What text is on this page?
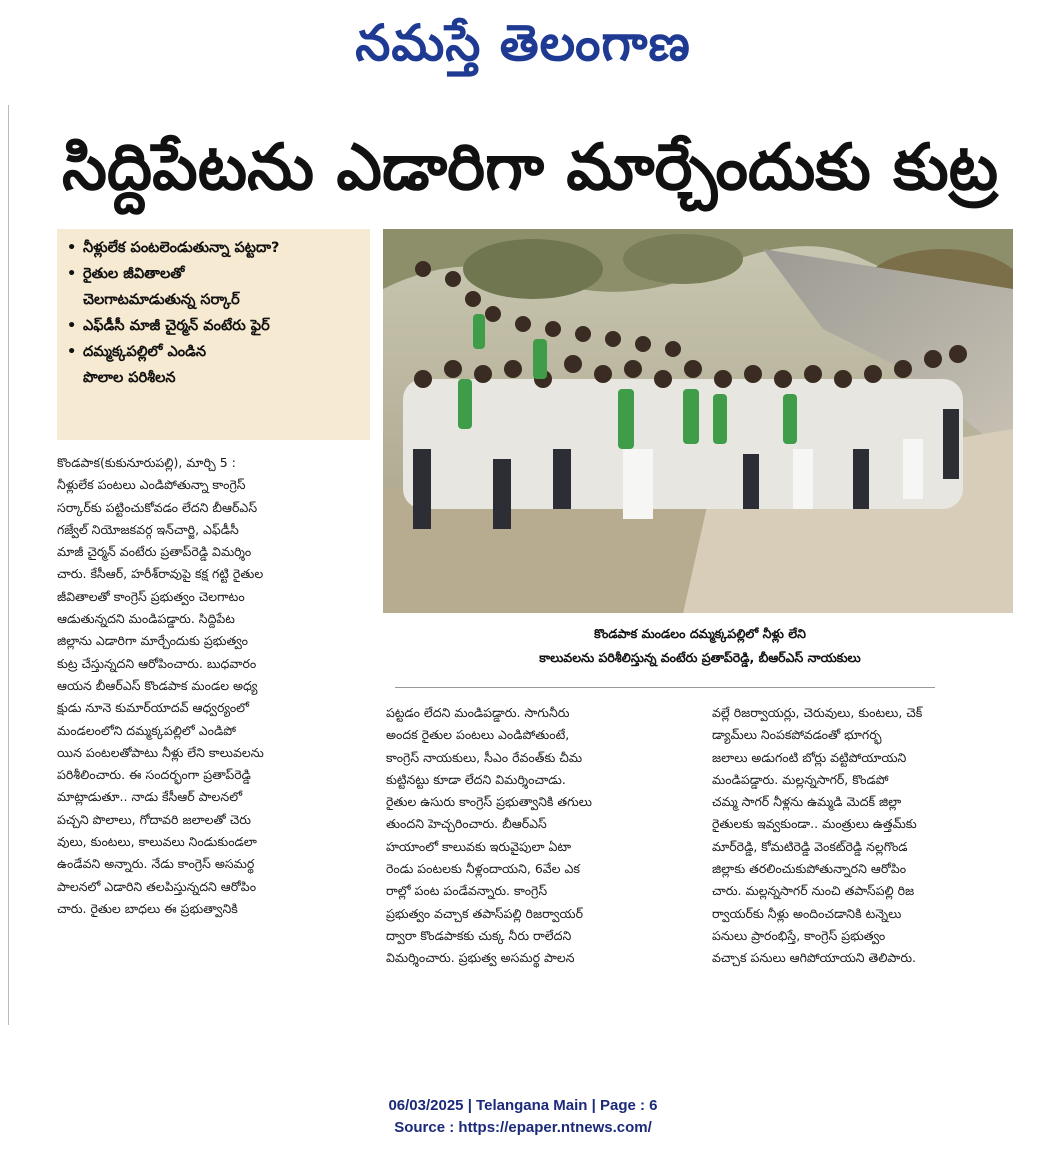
నమస్తే తెలంగాణ
సిద్దిపేటను ఎడారిగా మార్చేందుకు కుట్ర
• నీళ్లులేక పంటలెండుతున్నా పట్టదా?
• రైతుల జీవితాలతో
చెలగాటమాడుతున్న సర్కార్
• ఎఫ్‌డీసీ మాజీ చైర్మన్ వంటేరు ఫైర్
• దమ్మక్కపల్లిలో ఎండిన
పొలాల పరిశీలన
కొండపాక మండలం దమ్మక్కపల్లిలో నీళ్లు లేని
కాలువలను పరిశీలిస్తున్న వంటేరు ప్రతాప్‌రెడ్డి, బీఆర్‌ఎస్ నాయకులు
కొండపాక(కుకునూరుపల్లి), మార్చి 5 :
నీళ్లులేక పంటలు ఎండిపోతున్నా కాంగ్రెస్
సర్కార్‌కు పట్టించుకోవడం లేదని బీఆర్‌ఎస్
గజ్వేల్ నియోజకవర్గ ఇన్‌చార్జి, ఎఫ్‌డీసీ
మాజీ చైర్మన్ వంటేరు ప్రతాప్‌రెడ్డి విమర్శిం
చారు. కేసీఆర్, హరీశ్‌రావుపై కక్ష గట్టి రైతుల
జీవితాలతో కాంగ్రెస్ ప్రభుత్వం చెలగాటం
ఆడుతున్నదని మండిపడ్డారు. సిద్దిపేట
జిల్లాను ఎడారిగా మార్చేందుకు ప్రభుత్వం
కుట్ర చేస్తున్నదని ఆరోపించారు. బుధవారం
ఆయన బీఆర్‌ఎస్ కొండపాక మండల అధ్య
క్షుడు నూనె కుమార్‌యాదవ్ ఆధ్వర్యంలో
మండలంలోని దమ్మక్కపల్లిలో ఎండిపో
యిన పంటలతోపాటు నీళ్లు లేని కాలువలను
పరిశీలించారు. ఈ సందర్భంగా ప్రతాప్‌రెడ్డి
మాట్లాడుతూ.. నాడు కేసీఆర్ పాలనలో
పచ్చని పొలాలు, గోదావరి జలాలతో చెరు
వులు, కుంటలు, కాలువలు నిండుకుండలా
ఉండేవని అన్నారు. నేడు కాంగ్రెస్ అసమర్థ
పాలనలో ఎడారిని తలపిస్తున్నదని ఆరోపిం
చారు. రైతుల బాధలు ఈ ప్రభుత్వానికి
పట్టడం లేదని మండిపడ్డారు. సాగునీరు
అందక రైతుల పంటలు ఎండిపోతుంటే,
కాంగ్రెస్ నాయకులు, సీఎం రేవంత్‌కు చీమ
కుట్టినట్టు కూడా లేదని విమర్శించాడు.
రైతుల ఉసురు కాంగ్రెస్ ప్రభుత్వానికి తగులు
తుందని హెచ్చరించారు. బీఆర్‌ఎస్
హయాంలో కాలువకు ఇరువైపులా ఏటా
రెండు పంటలకు నీళ్లందాయని, 6వేల ఎక
రాల్లో పంట పండేవన్నారు. కాంగ్రెస్
ప్రభుత్వం వచ్చాక తపాస్‌పల్లి రిజర్వాయర్
ద్వారా కొండపాకకు చుక్క నీరు రాలేదని
విమర్శించారు. ప్రభుత్వ అసమర్థ పాలన
వల్లే రిజర్వాయర్లు, చెరువులు, కుంటలు, చెక్
డ్యామ్‌లు నింపకపోవడంతో భూగర్భ
జలాలు అడుగంటి బోర్లు వట్టిపోయాయని
మండిపడ్డారు. మల్లన్నసాగర్, కొండపో
చమ్మ సాగర్ నీళ్లను ఉమ్మడి మెదక్ జిల్లా
రైతులకు ఇవ్వకుండా.. మంత్రులు ఉత్తమ్‌కు
మార్‌రెడ్డి, కోమటిరెడ్డి వెంకట్‌రెడ్డి నల్లగొండ
జిల్లాకు తరలించుకుపోతున్నారని ఆరోపిం
చారు. మల్లన్నసాగర్ నుంచి తపాస్‌పల్లి రిజ
ర్వాయర్‌కు నీళ్లు అందించడానికి టన్నెలు
పనులు ప్రారంభిస్తే, కాంగ్రెస్ ప్రభుత్వం
వచ్చాక పనులు ఆగిపోయాయని తెలిపారు.
06/03/2025 | Telangana Main | Page : 6
Source : https://epaper.ntnews.com/
